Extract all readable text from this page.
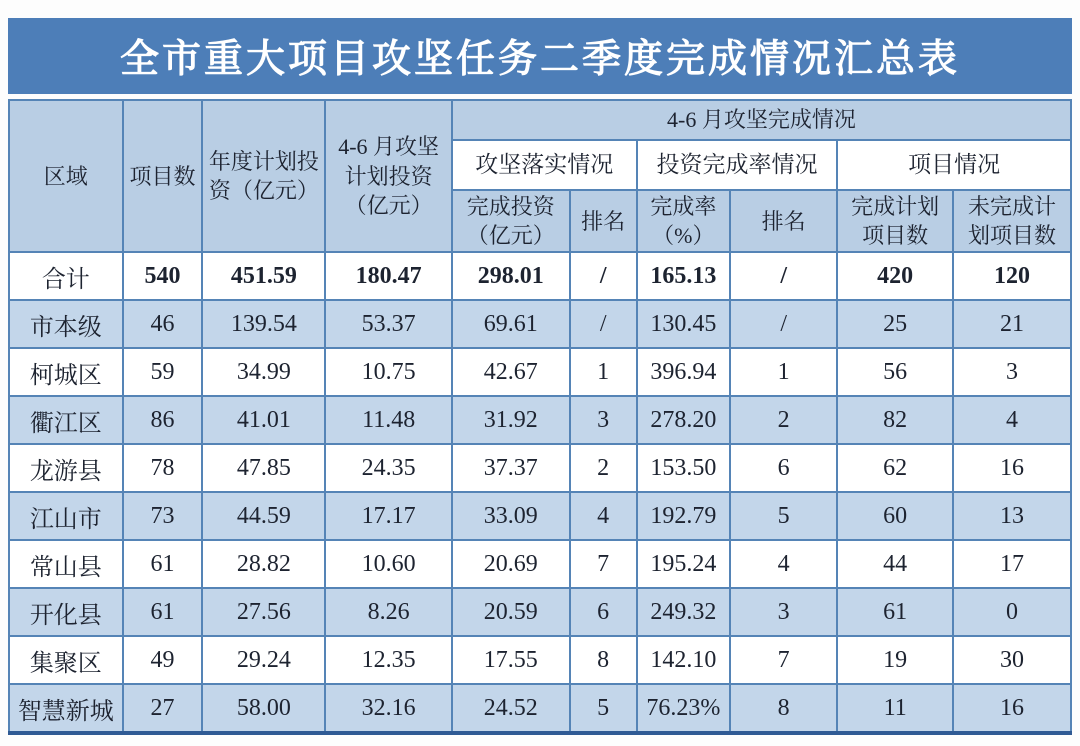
全市重大项目攻坚任务二季度完成情况汇总表
区域	项目数	年度计划投资（亿元）	4-6 月攻坚计划投资（亿元）	4-6 月攻坚完成情况					
				攻坚落实情况		投资完成率情况		项目情况	
				完成投资（亿元）	排名	完成率（%）	排名	完成计划项目数	未完成计划项目数
合计	540	451.59	180.47	298.01	/	165.13	/	420	120
市本级	46	139.54	53.37	69.61	/	130.45	/	25	21
柯城区	59	34.99	10.75	42.67	1	396.94	1	56	3
衢江区	86	41.01	11.48	31.92	3	278.20	2	82	4
龙游县	78	47.85	24.35	37.37	2	153.50	6	62	16
江山市	73	44.59	17.17	33.09	4	192.79	5	60	13
常山县	61	28.82	10.60	20.69	7	195.24	4	44	17
开化县	61	27.56	8.26	20.59	6	249.32	3	61	0
集聚区	49	29.24	12.35	17.55	8	142.10	7	19	30
智慧新城	27	58.00	32.16	24.52	5	76.23%	8	11	16
